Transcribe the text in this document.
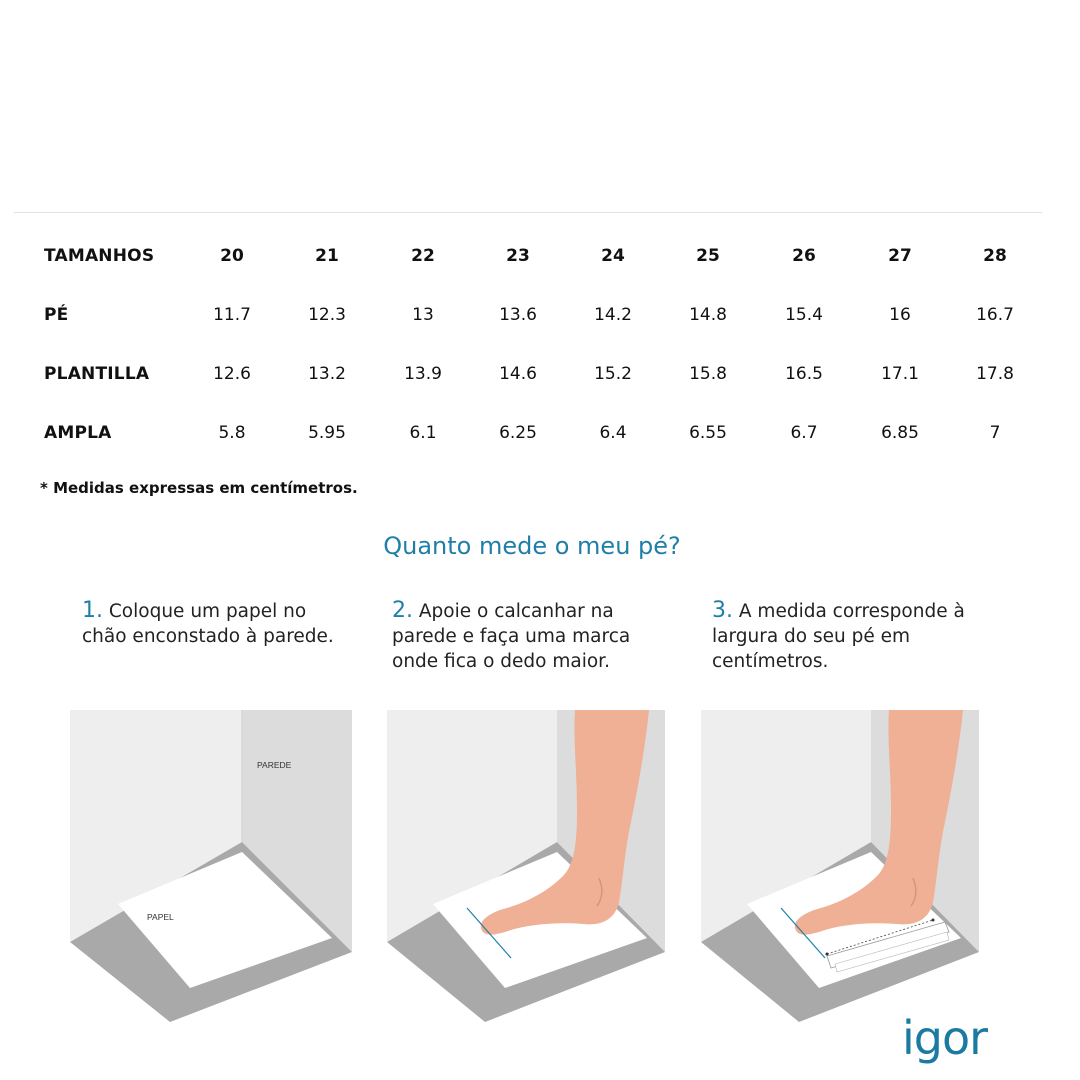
TAMANHOS	20	21	22	23	24	25	26	27	28
PÉ	11.7	12.3	13	13.6	14.2	14.8	15.4	16	16.7
PLANTILLA	12.6	13.2	13.9	14.6	15.2	15.8	16.5	17.1	17.8
AMPLA	5.8	5.95	6.1	6.25	6.4	6.55	6.7	6.85	7
* Medidas expressas em centímetros.
Quanto mede o meu pé?
1. Coloque um papel no chão enconstado à parede.
2. Apoie o calcanhar na parede e faça uma marca onde fica o dedo maior.
3. A medida corresponde à largura do seu pé em centímetros.
PAREDE
PAPEL
igor
